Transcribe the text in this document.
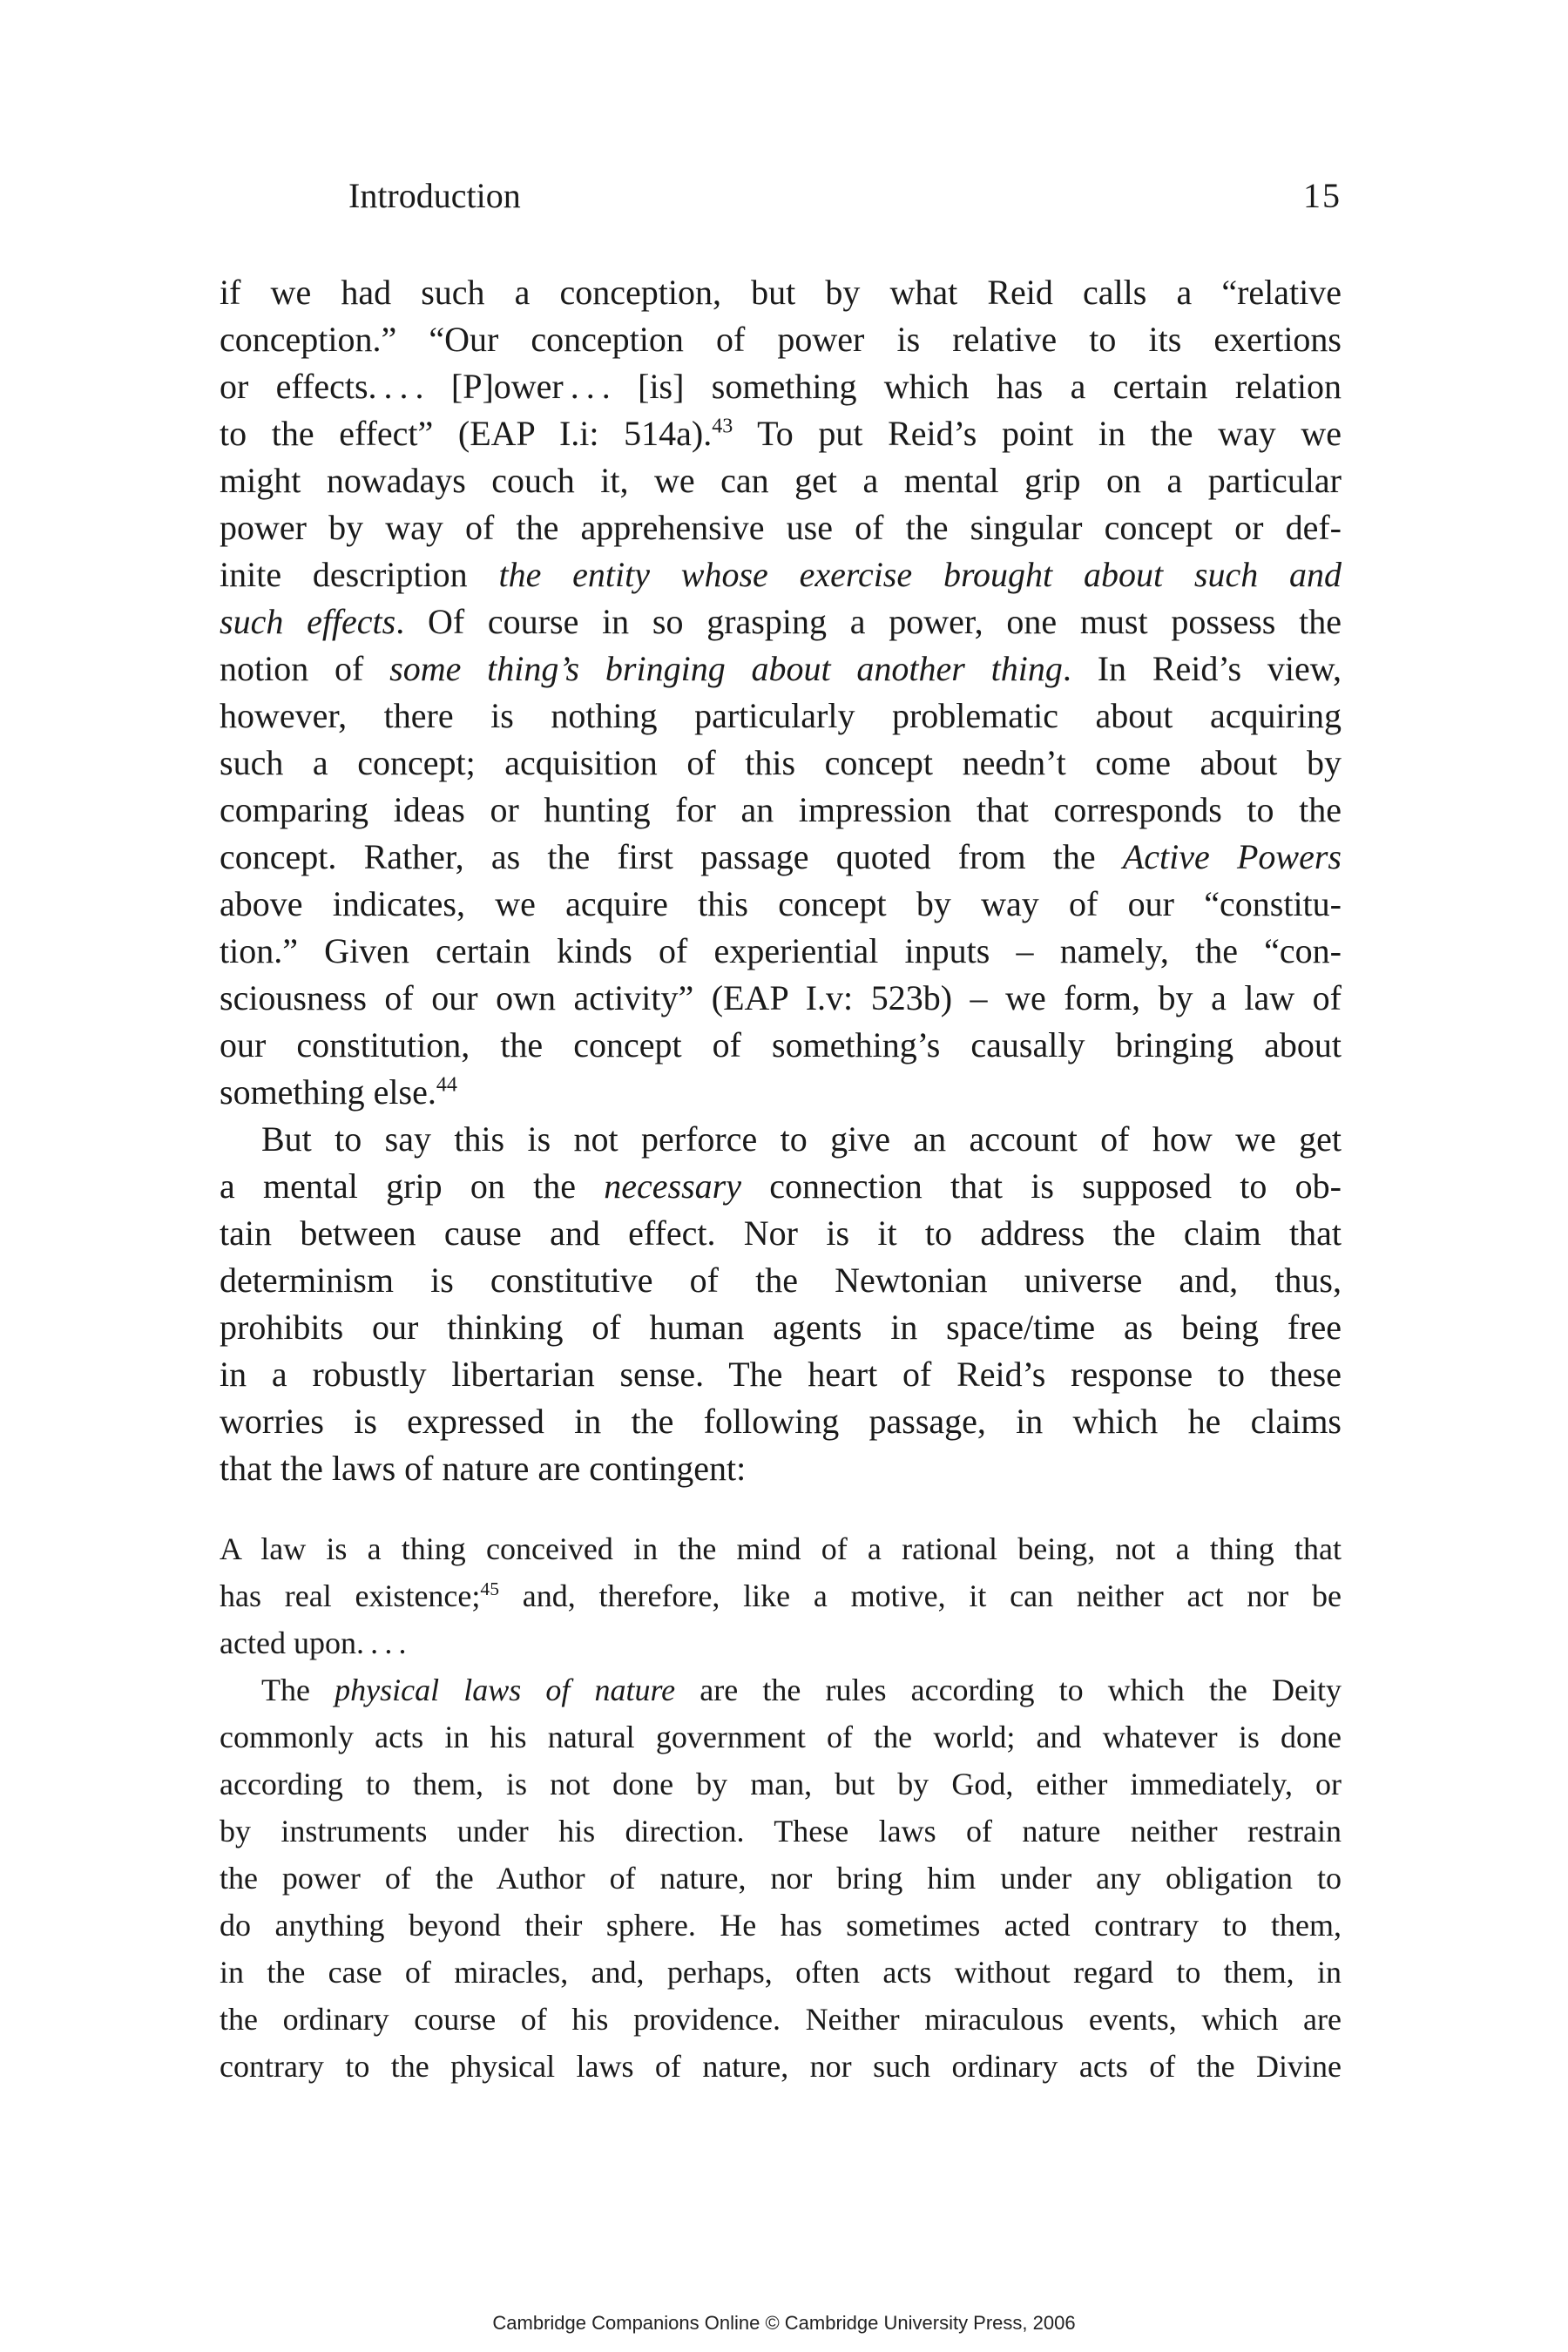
Introduction	15
if we had such a conception, but by what Reid calls a “relative
conception.” “Our conception of power is relative to its exertions
or effects. . . . [P]ower . . . [is] something which has a certain relation
to the effect” (EAP I.i: 514a).$^{43}$ To put Reid’s point in the way we
might nowadays couch it, we can get a mental grip on a particular
power by way of the apprehensive use of the singular concept or def-
inite description the entity whose exercise brought about such and
such effects. Of course in so grasping a power, one must possess the
notion of some thing’s bringing about another thing. In Reid’s view,
however, there is nothing particularly problematic about acquiring
such a concept; acquisition of this concept needn’t come about by
comparing ideas or hunting for an impression that corresponds to the
concept. Rather, as the first passage quoted from the Active Powers
above indicates, we acquire this concept by way of our “constitu-
tion.” Given certain kinds of experiential inputs – namely, the “con-
sciousness of our own activity” (EAP I.v: 523b) – we form, by a law of
our constitution, the concept of something’s causally bringing about
something else.$^{44}$
But to say this is not perforce to give an account of how we get
a mental grip on the necessary connection that is supposed to ob-
tain between cause and effect. Nor is it to address the claim that
determinism is constitutive of the Newtonian universe and, thus,
prohibits our thinking of human agents in space/time as being free
in a robustly libertarian sense. The heart of Reid’s response to these
worries is expressed in the following passage, in which he claims
that the laws of nature are contingent:
A law is a thing conceived in the mind of a rational being, not a thing that
has real existence;$^{45}$ and, therefore, like a motive, it can neither act nor be
acted upon. . . .
The physical laws of nature are the rules according to which the Deity
commonly acts in his natural government of the world; and whatever is done
according to them, is not done by man, but by God, either immediately, or
by instruments under his direction. These laws of nature neither restrain
the power of the Author of nature, nor bring him under any obligation to
do anything beyond their sphere. He has sometimes acted contrary to them,
in the case of miracles, and, perhaps, often acts without regard to them, in
the ordinary course of his providence. Neither miraculous events, which are
contrary to the physical laws of nature, nor such ordinary acts of the Divine
Cambridge Companions Online © Cambridge University Press, 2006
